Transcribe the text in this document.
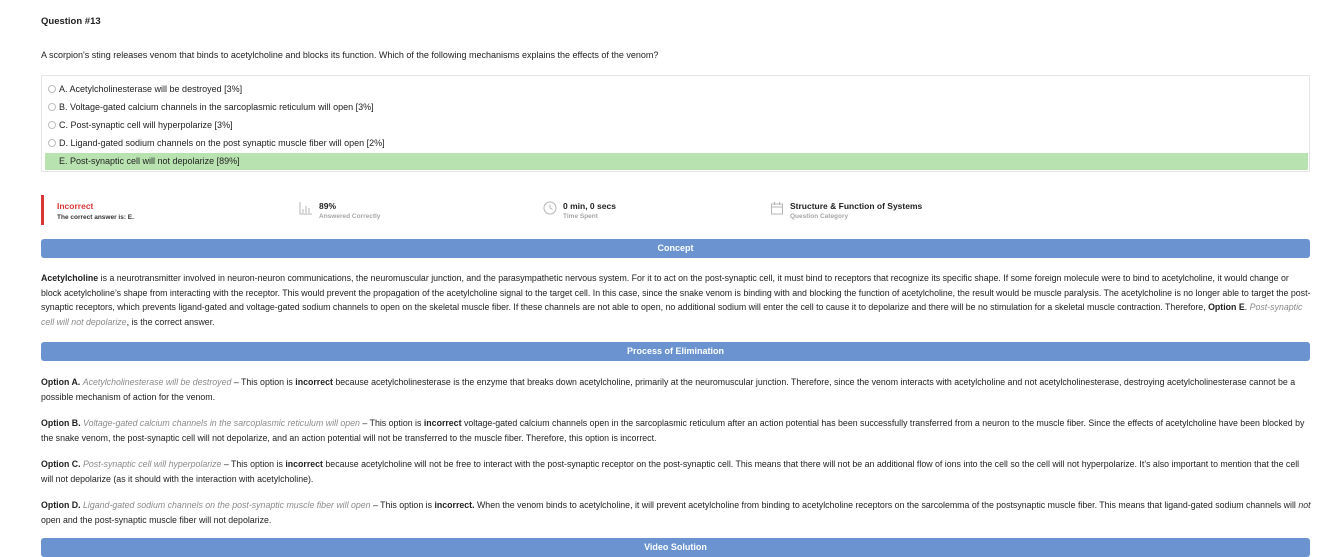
Question #13
A scorpion's sting releases venom that binds to acetylcholine and blocks its function. Which of the following mechanisms explains the effects of the venom?
A. Acetylcholinesterase will be destroyed [3%]
B. Voltage-gated calcium channels in the sarcoplasmic reticulum will open [3%]
C. Post-synaptic cell will hyperpolarize [3%]
D. Ligand-gated sodium channels on the post synaptic muscle fiber will open [2%]
E. Post-synaptic cell will not depolarize [89%]
Incorrect
The correct answer is: E.
89%
Answered Correctly
0 min, 0 secs
Time Spent
Structure & Function of Systems
Question Category
Concept
Acetylcholine is a neurotransmitter involved in neuron-neuron communications, the neuromuscular junction, and the parasympathetic nervous system. For it to act on the post-synaptic cell, it must bind to receptors that recognize its specific shape. If some foreign molecule were to bind to acetylcholine, it would change or block acetylcholine’s shape from interacting with the receptor. This would prevent the propagation of the acetylcholine signal to the target cell. In this case, since the snake venom is binding with and blocking the function of acetylcholine, the result would be muscle paralysis. The acetylcholine is no longer able to target the post-synaptic receptors, which prevents ligand-gated and voltage-gated sodium channels to open on the skeletal muscle fiber. If these channels are not able to open, no additional sodium will enter the cell to cause it to depolarize and there will be no stimulation for a skeletal muscle contraction. Therefore, Option E. Post-synaptic cell will not depolarize, is the correct answer.
Process of Elimination
Option A. Acetylcholinesterase will be destroyed – This option is incorrect because acetylcholinesterase is the enzyme that breaks down acetylcholine, primarily at the neuromuscular junction. Therefore, since the venom interacts with acetylcholine and not acetylcholinesterase, destroying acetylcholinesterase cannot be a possible mechanism of action for the venom.
Option B. Voltage-gated calcium channels in the sarcoplasmic reticulum will open – This option is incorrect voltage-gated calcium channels open in the sarcoplasmic reticulum after an action potential has been successfully transferred from a neuron to the muscle fiber. Since the effects of acetylcholine have been blocked by the snake venom, the post-synaptic cell will not depolarize, and an action potential will not be transferred to the muscle fiber. Therefore, this option is incorrect.
Option C. Post-synaptic cell will hyperpolarize – This option is incorrect because acetylcholine will not be free to interact with the post-synaptic receptor on the post-synaptic cell. This means that there will not be an additional flow of ions into the cell so the cell will not hyperpolarize. It’s also important to mention that the cell will not depolarize (as it should with the interaction with acetylcholine).
Option D. Ligand-gated sodium channels on the post-synaptic muscle fiber will open – This option is incorrect. When the venom binds to acetylcholine, it will prevent acetylcholine from binding to acetylcholine receptors on the sarcolemma of the postsynaptic muscle fiber. This means that ligand-gated sodium channels will not open and the post-synaptic muscle fiber will not depolarize.
Video Solution
